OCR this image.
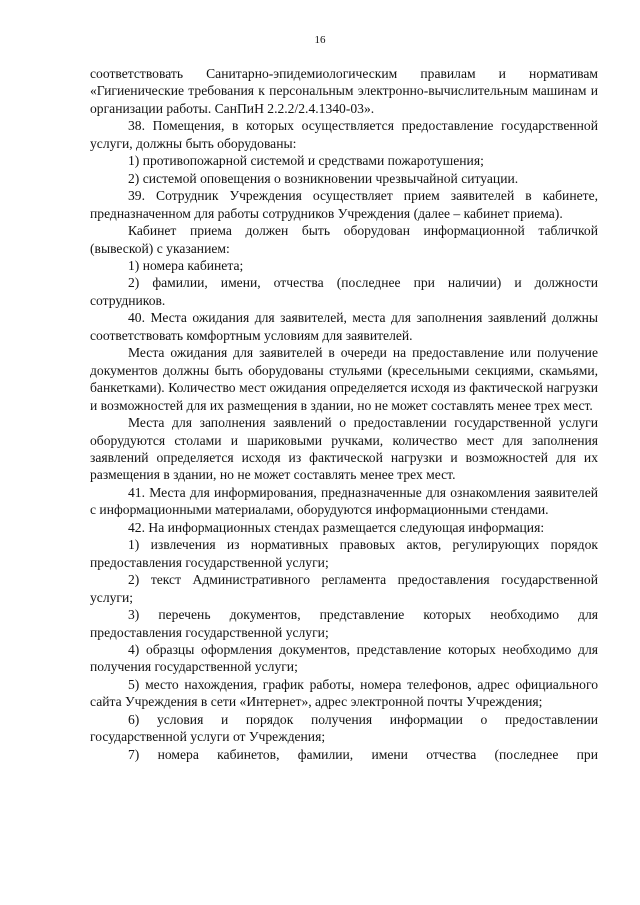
16

соответствовать Санитарно-эпидемиологическим правилам и нормативам «Гигиенические требования к персональным электронно-вычислительным машинам и организации работы. СанПиН 2.2.2/2.4.1340-03».

38. Помещения, в которых осуществляется предоставление государственной услуги, должны быть оборудованы:

1) противопожарной системой и средствами пожаротушения;

2) системой оповещения о возникновении чрезвычайной ситуации.

39. Сотрудник Учреждения осуществляет прием заявителей в кабинете, предназначенном для работы сотрудников Учреждения (далее – кабинет приема).

Кабинет приема должен быть оборудован информационной табличкой (вывеской) с указанием:

1) номера кабинета;

2) фамилии, имени, отчества (последнее при наличии) и должности сотрудников.

40. Места ожидания для заявителей, места для заполнения заявлений должны соответствовать комфортным условиям для заявителей.

Места ожидания для заявителей в очереди на предоставление или получение документов должны быть оборудованы стульями (кресельными секциями, скамьями, банкетками). Количество мест ожидания определяется исходя из фактической нагрузки и возможностей для их размещения в здании, но не может составлять менее трех мест.

Места для заполнения заявлений о предоставлении государственной услуги оборудуются столами и шариковыми ручками, количество мест для заполнения заявлений определяется исходя из фактической нагрузки и возможностей для их размещения в здании, но не может составлять менее трех мест.

41. Места для информирования, предназначенные для ознакомления заявителей с информационными материалами, оборудуются информационными стендами.

42. На информационных стендах размещается следующая информация:

1) извлечения из нормативных правовых актов, регулирующих порядок предоставления государственной услуги;

2) текст Административного регламента предоставления государственной услуги;

3) перечень документов, представление которых необходимо для предоставления государственной услуги;

4) образцы оформления документов, представление которых необходимо для получения государственной услуги;

5) место нахождения, график работы, номера телефонов, адрес официального сайта Учреждения в сети «Интернет», адрес электронной почты Учреждения;

6) условия и порядок получения информации о предоставлении государственной услуги от Учреждения;

7) номера кабинетов, фамилии, имени отчества (последнее при
